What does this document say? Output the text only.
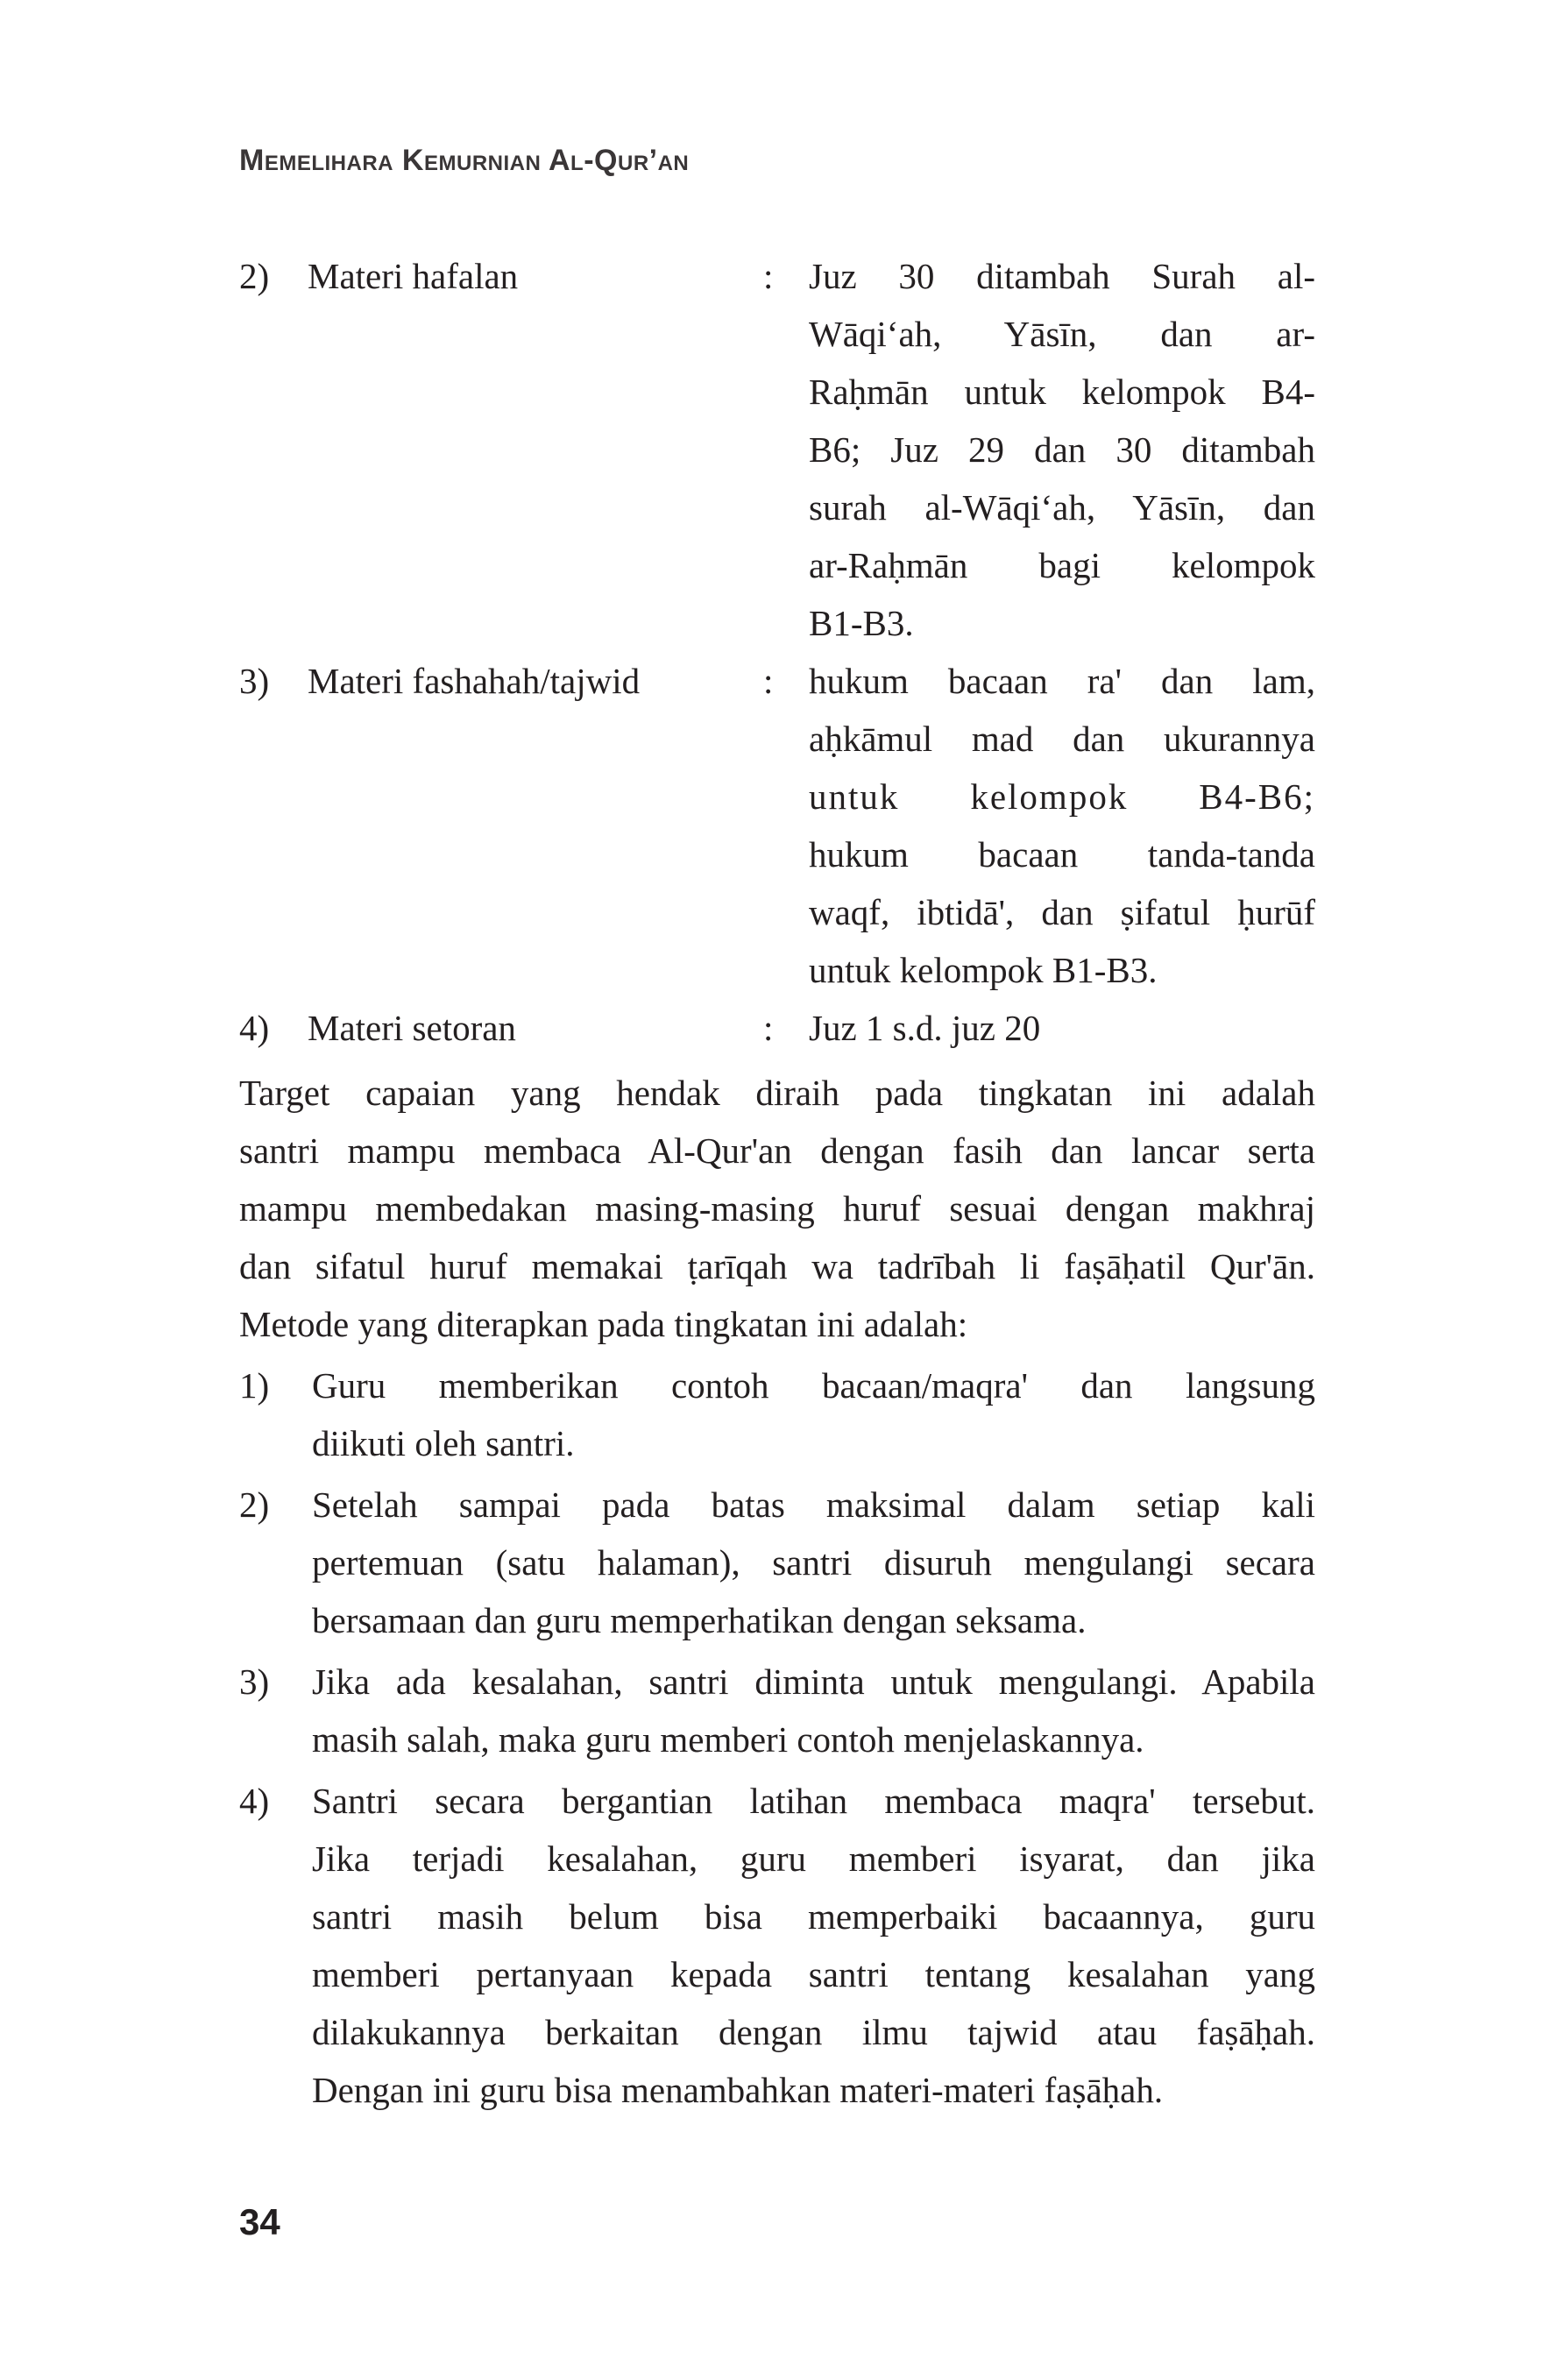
Memelihara Kemurnian Al-Qur’an
2)	Materi hafalan	: Juz 30 ditambah Surah al-
Wāqi‘ah, Yāsīn, dan ar-
Raḥmān untuk kelompok B4-
B6; Juz 29 dan 30 ditambah
surah al-Wāqi‘ah, Yāsīn, dan
ar-Raḥmān bagi kelompok
B1-B3.
3)	Materi fashahah/tajwid	: hukum bacaan ra' dan lam,
aḥkāmul mad dan ukurannya
untuk kelompok B4-B6;
hukum bacaan tanda-tanda
waqf, ibtidā', dan ṣifatul ḥurūf
untuk kelompok B1-B3.
4)	Materi setoran	: Juz 1 s.d. juz 20

Target capaian yang hendak diraih pada tingkatan ini adalah
santri mampu membaca Al-Qur'an dengan fasih dan lancar serta
mampu membedakan masing-masing huruf sesuai dengan makhraj
dan sifatul huruf memakai ṭarīqah wa tadrībah li faṣāḥatil Qur'ān.
Metode yang diterapkan pada tingkatan ini adalah:

1)	Guru memberikan contoh bacaan/maqra' dan langsung
diikuti oleh santri.
2)	Setelah sampai pada batas maksimal dalam setiap kali
pertemuan (satu halaman), santri disuruh mengulangi secara
bersamaan dan guru memperhatikan dengan seksama.
3)	Jika ada kesalahan, santri diminta untuk mengulangi. Apabila
masih salah, maka guru memberi contoh menjelaskannya.
4)	Santri secara bergantian latihan membaca maqra' tersebut.
Jika terjadi kesalahan, guru memberi isyarat, dan jika
santri masih belum bisa memperbaiki bacaannya, guru
memberi pertanyaan kepada santri tentang kesalahan yang
dilakukannya berkaitan dengan ilmu tajwid atau faṣāḥah.
Dengan ini guru bisa menambahkan materi-materi faṣāḥah.
34
